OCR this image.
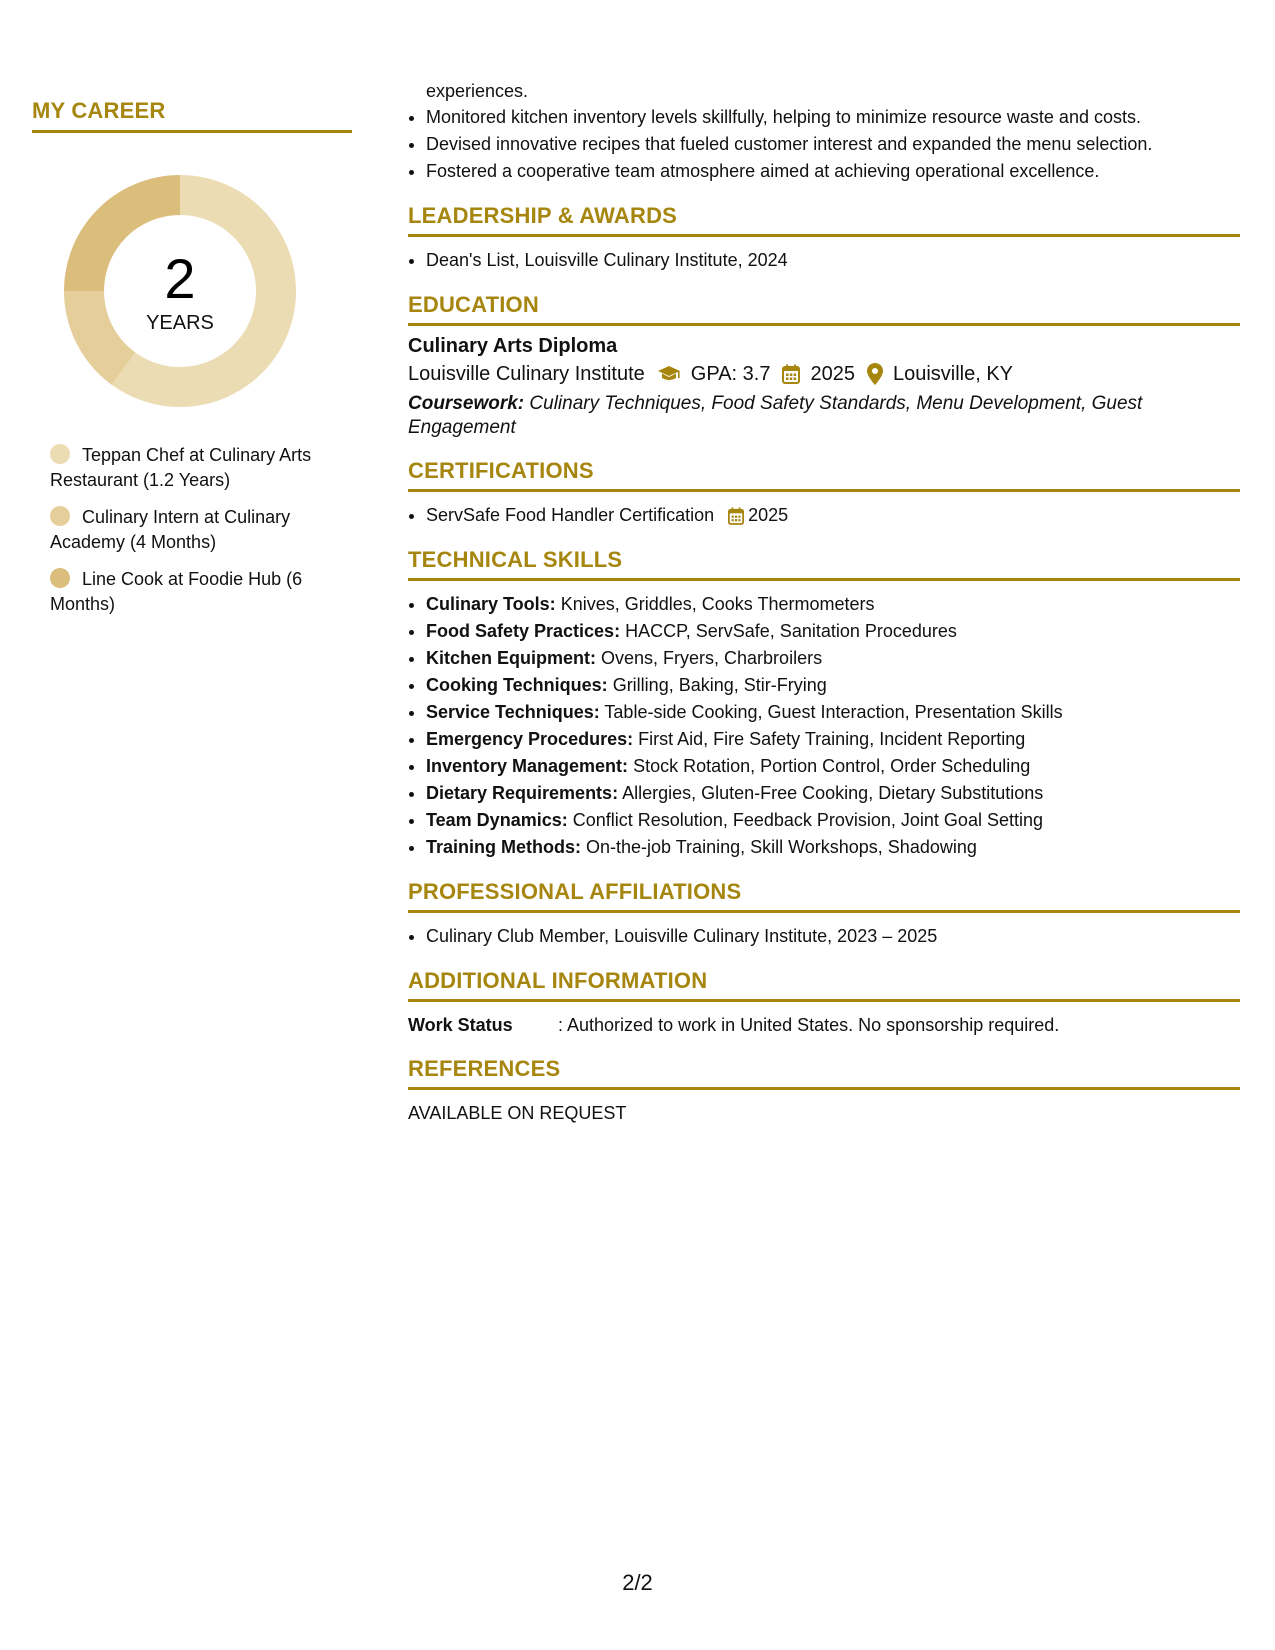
MY CAREER
2
YEARS
Teppan Chef at Culinary Arts Restaurant (1.2 Years)
Culinary Intern at Culinary Academy (4 Months)
Line Cook at Foodie Hub (6 Months)

experiences.

• Monitored kitchen inventory levels skillfully, helping to minimize resource waste and costs.
• Devised innovative recipes that fueled customer interest and expanded the menu selection.
• Fostered a cooperative team atmosphere aimed at achieving operational excellence.
LEADERSHIP & AWARDS
• Dean's List, Louisville Culinary Institute, 2024
EDUCATION
Culinary Arts Diploma
Louisville Culinary Institute GPA: 3.7 2025 Louisville, KY
Coursework: Culinary Techniques, Food Safety Standards, Menu Development, Guest Engagement
CERTIFICATIONS
• ServSafe Food Handler Certification 2025
TECHNICAL SKILLS
• Culinary Tools: Knives, Griddles, Cooks Thermometers
• Food Safety Practices: HACCP, ServSafe, Sanitation Procedures
• Kitchen Equipment: Ovens, Fryers, Charbroilers
• Cooking Techniques: Grilling, Baking, Stir-Frying
• Service Techniques: Table-side Cooking, Guest Interaction, Presentation Skills
• Emergency Procedures: First Aid, Fire Safety Training, Incident Reporting
• Inventory Management: Stock Rotation, Portion Control, Order Scheduling
• Dietary Requirements: Allergies, Gluten-Free Cooking, Dietary Substitutions
• Team Dynamics: Conflict Resolution, Feedback Provision, Joint Goal Setting
• Training Methods: On-the-job Training, Skill Workshops, Shadowing
PROFESSIONAL AFFILIATIONS
• Culinary Club Member, Louisville Culinary Institute, 2023 – 2025
ADDITIONAL INFORMATION
Work Status	: Authorized to work in United States. No sponsorship required.
REFERENCES
AVAILABLE ON REQUEST
2/2
